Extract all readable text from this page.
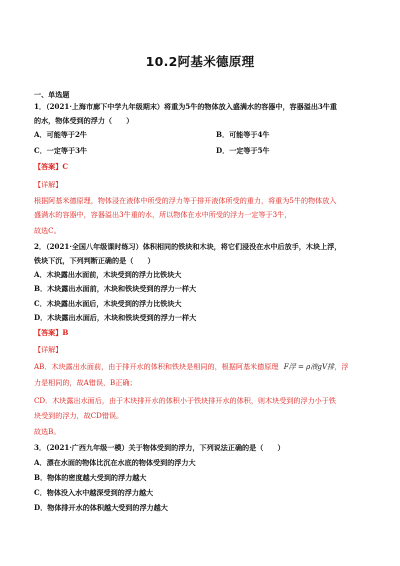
10.2阿基米德原理
一、单选题
1．（2021·上海市廊下中学九年级期末）将重为5牛的物体放入盛满水的容器中，容器溢出3牛重
的水，物体受到的浮力（　　）
A．可能等于2牛	B．可能等于4牛
C．一定等于3牛	D．一定等于5牛
【答案】C
【详解】
根据阿基米德原理，物体浸在液体中所受的浮力等于排开液体所受的重力，将重为5牛的物体放入
盛满水的容器中，容器溢出3牛重的水，所以物体在水中所受的浮力一定等于3牛，
故选C。
2．（2021·全国八年级课时练习）体积相同的铁块和木块，将它们浸没在水中后放手，木块上浮，
铁块下沉，下列判断正确的是（　　）
A．木块露出水面前，木块受到的浮力比铁块大
B．木块露出水面前，木块和铁块受到的浮力一样大
C．木块露出水面后，木块受到的浮力比铁块大
D．木块露出水面后，木块和铁块受到的浮力一样大
【答案】B
【详解】
AB．木块露出水面前，由于排开水的体积和铁块是相同的，根据阿基米德原理 F浮 = ρ液gV排，浮
力是相同的，故A错误，B正确；
CD．木块露出水面后，由于木块排开水的体积小于铁块排开水的体积，则木块受到的浮力小于铁
块受到的浮力，故CD错误。
故选B。
3．（2021·广西九年级一模）关于物体受到的浮力，下列说法正确的是（　　）
A．漂在水面的物体比沉在水底的物体受到的浮力大
B．物体的密度越大受到的浮力越大
C．物体没入水中越深受到的浮力越大
D．物体排开水的体积越大受到的浮力越大
